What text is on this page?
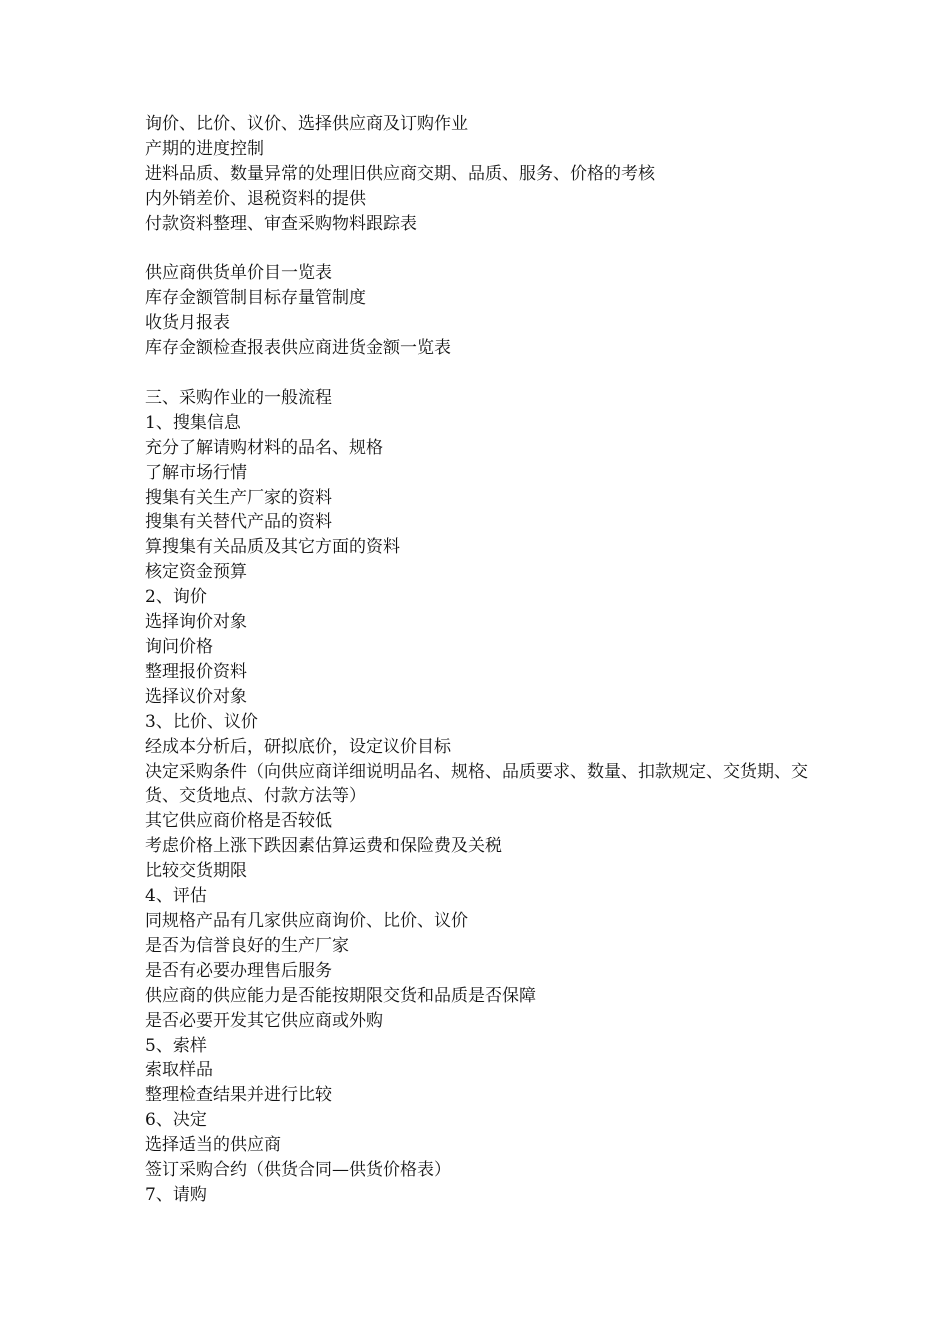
询价、比价、议价、选择供应商及订购作业

产期的进度控制

进料品质、数量异常的处理旧供应商交期、品质、服务、价格的考核

内外销差价、退税资料的提供

付款资料整理、审查采购物料跟踪表

供应商供货单价目一览表

库存金额管制目标存量管制度

收货月报表

库存金额检查报表供应商进货金额一览表

三、采购作业的一般流程

1、搜集信息

充分了解请购材料的品名、规格

了解市场行情

搜集有关生产厂家的资料

搜集有关替代产品的资料

算搜集有关品质及其它方面的资料

核定资金预算

2、询价

选择询价对象

询问价格

整理报价资料

选择议价对象

3、比价、议价

经成本分析后，研拟底价，设定议价目标

决定采购条件（向供应商详细说明品名、规格、品质要求、数量、扣款规定、交货期、交货、交货地点、付款方法等）

其它供应商价格是否较低

考虑价格上涨下跌因素估算运费和保险费及关税

比较交货期限

4、评估

同规格产品有几家供应商询价、比价、议价

是否为信誉良好的生产厂家

是否有必要办理售后服务

供应商的供应能力是否能按期限交货和品质是否保障

是否必要开发其它供应商或外购

5、索样

索取样品

整理检查结果并进行比较

6、决定

选择适当的供应商

签订采购合约（供货合同—供货价格表）

7、请购
